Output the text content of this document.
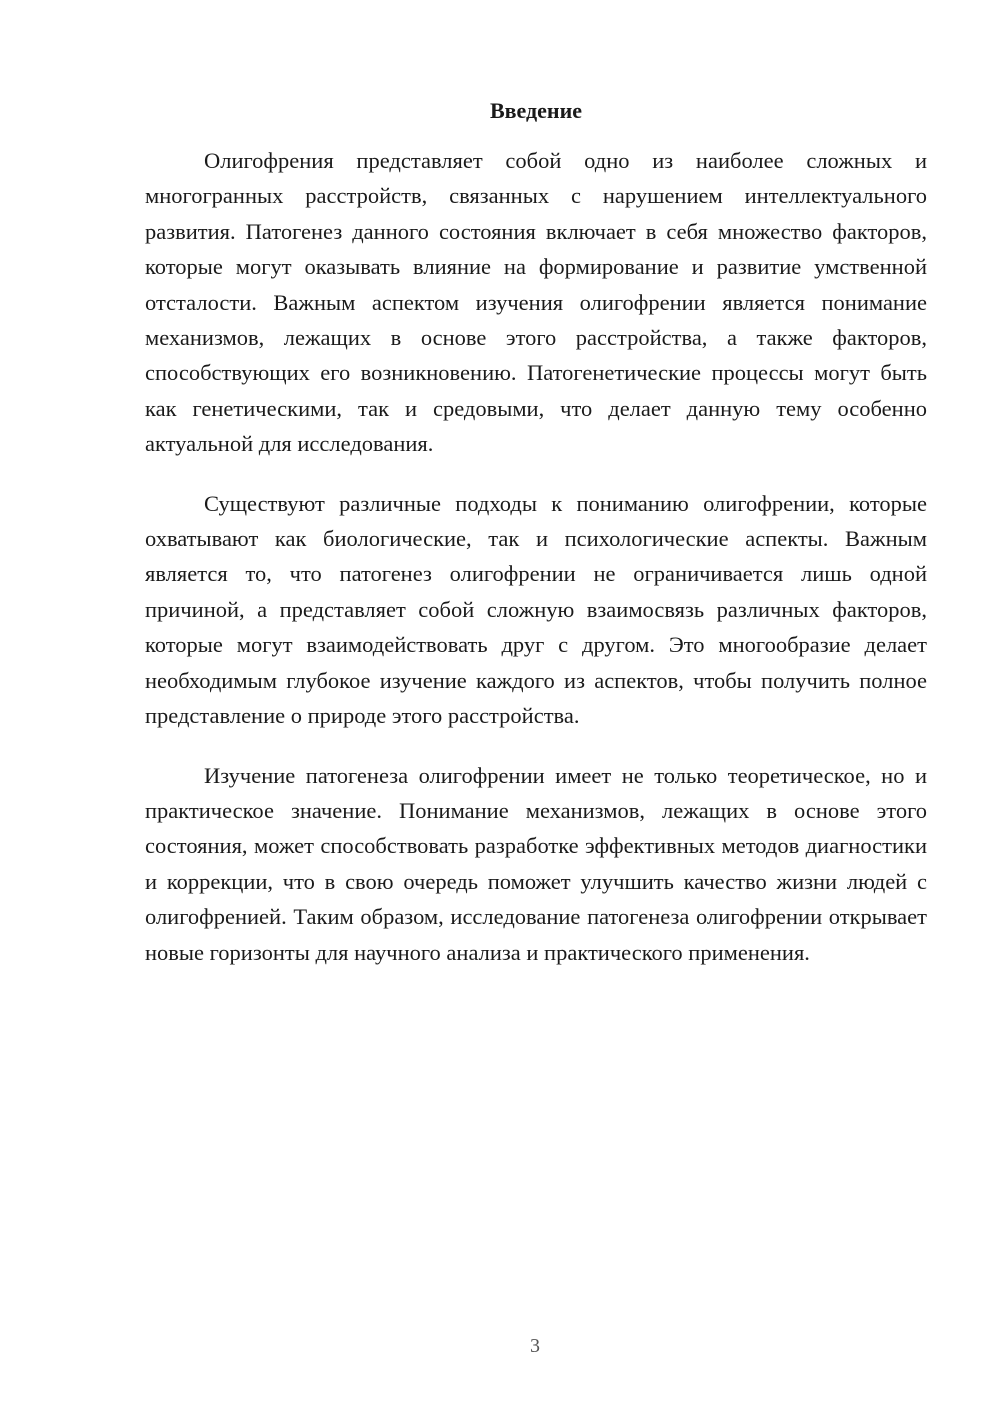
Введение

Олигофрения представляет собой одно из наиболее сложных и многогранных расстройств, связанных с нарушением интеллектуального развития. Патогенез данного состояния включает в себя множество факторов, которые могут оказывать влияние на формирование и развитие умственной отсталости. Важным аспектом изучения олигофрении является понимание механизмов, лежащих в основе этого расстройства, а также факторов, способствующих его возникновению. Патогенетические процессы могут быть как генетическими, так и средовыми, что делает данную тему особенно актуальной для исследования.

Существуют различные подходы к пониманию олигофрении, которые охватывают как биологические, так и психологические аспекты. Важным является то, что патогенез олигофрении не ограничивается лишь одной причиной, а представляет собой сложную взаимосвязь различных факторов, которые могут взаимодействовать друг с другом. Это многообразие делает необходимым глубокое изучение каждого из аспектов, чтобы получить полное представление о природе этого расстройства.

Изучение патогенеза олигофрении имеет не только теоретическое, но и практическое значение. Понимание механизмов, лежащих в основе этого состояния, может способствовать разработке эффективных методов диагностики и коррекции, что в свою очередь поможет улучшить качество жизни людей с олигофренией. Таким образом, исследование патогенеза олигофрении открывает новые горизонты для научного анализа и практического применения.

3
